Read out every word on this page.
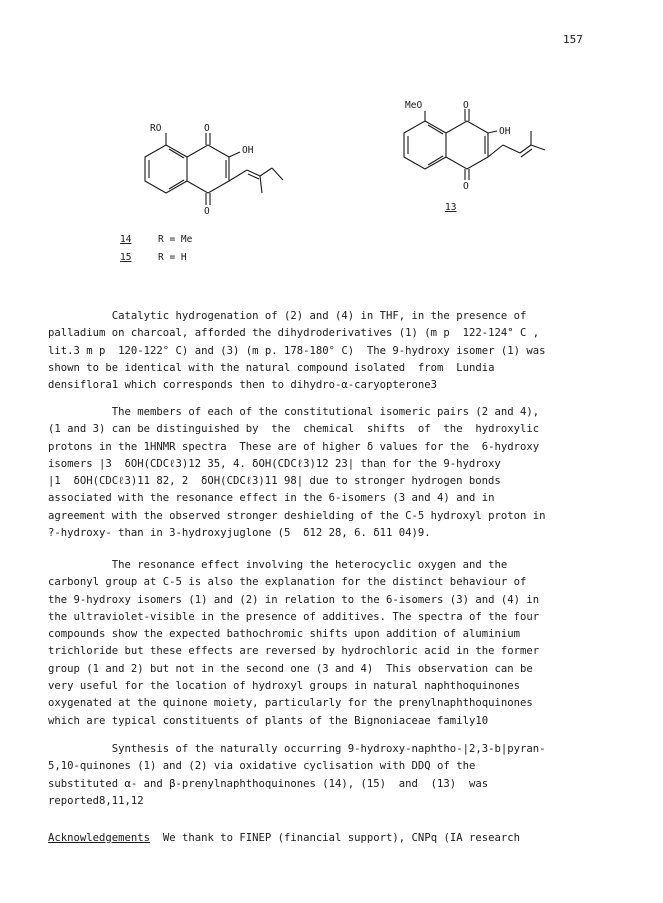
157
RO	O
O
OH
MeO	O
O
OH
13
14	R = Me
15	R = H

Catalytic hydrogenation of (2) and (4) in THF, in the presence of

palladium on charcoal, afforded the dihydroderivatives (1) (m p  122-124° C ,

lit.3 m p  120-122° C) and (3) (m p. 178-180° C)  The 9-hydroxy isomer (1) was

shown to be identical with the natural compound isolated  from  Lundia

densiflora1 which corresponds then to dihydro-α-caryopterone3

The members of each of the constitutional isomeric pairs (2 and 4),

(1 and 3) can be distinguished by  the  chemical  shifts  of  the  hydroxylic

protons in the 1HNMR spectra  These are of higher δ values for the  6-hydroxy

isomers |3  δOH(CDCℓ3)12 35, 4. δOH(CDCℓ3)12 23| than for the 9-hydroxy

|1  δOH(CDCℓ3)11 82, 2  δOH(CDCℓ3)11 98| due to stronger hydrogen bonds

associated with the resonance effect in the 6-isomers (3 and 4) and in

agreement with the observed stronger deshielding of the C-5 hydroxyl proton in

?-hydroxy- than in 3-hydroxyjuglone (5  δ12 28, 6. δ11 04)9.

The resonance effect involving the heterocyclic oxygen and the

carbonyl group at C-5 is also the explanation for the distinct behaviour of

the 9-hydroxy isomers (1) and (2) in relation to the 6-isomers (3) and (4) in

the ultraviolet-visible in the presence of additives. The spectra of the four

compounds show the expected bathochromic shifts upon addition of aluminium

trichloride but these effects are reversed by hydrochloric acid in the former

group (1 and 2) but not in the second one (3 and 4)  This observation can be

very useful for the location of hydroxyl groups in natural naphthoquinones

oxygenated at the quinone moiety, particularly for the prenylnaphthoquinones

which are typical constituents of plants of the Bignoniaceae family10

Synthesis of the naturally occurring 9-hydroxy-naphtho-|2,3-b|pyran-

5,10-quinones (1) and (2) via oxidative cyclisation with DDQ of the

substituted α- and β-prenylnaphthoquinones (14), (15)  and  (13)  was

reported8,11,12

Acknowledgements  We thank to FINEP (financial support), CNPq (IA research
